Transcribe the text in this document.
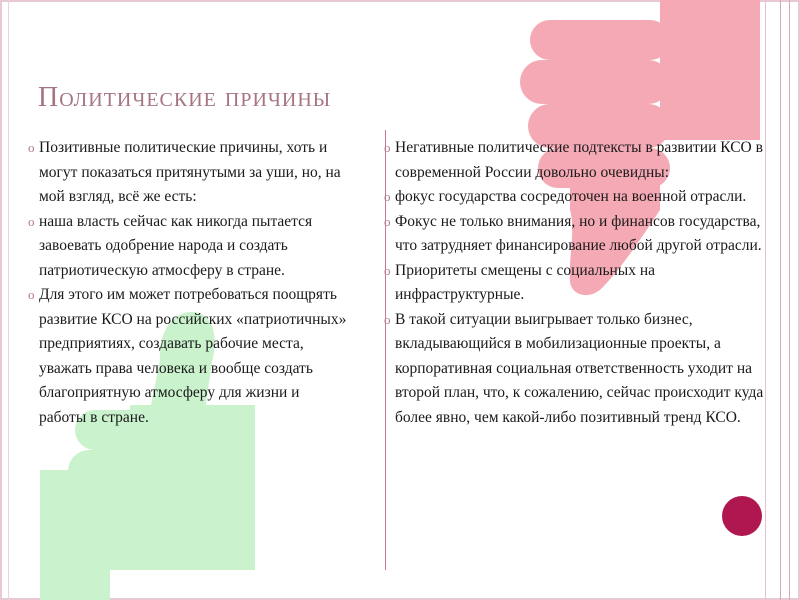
Политические причины
o Позитивные политические причины, хоть и могут показаться притянутыми за уши, но, на мой взгляд, всё же есть:
o наша власть сейчас как никогда пытается завоевать одобрение народа и создать патриотическую атмосферу в стране.
o Для этого им может потребоваться поощрять развитие КСО на российских «патриотичных» предприятиях, создавать рабочие места, уважать права человека и вообще создать благоприятную атмосферу для жизни и работы в стране.
o Негативные политические подтексты в развитии КСО в современной России довольно очевидны:
o фокус государства сосредоточен на военной отрасли.
o Фокус не только внимания, но и финансов государства, что затрудняет финансирование любой другой отрасли.
o Приоритеты смещены с социальных на инфраструктурные.
o В такой ситуации выигрывает только бизнес, вкладывающийся в мобилизационные проекты, а корпоративная социальная ответственность уходит на второй план, что, к сожалению, сейчас происходит куда более явно, чем какой-либо позитивный тренд КСО.
